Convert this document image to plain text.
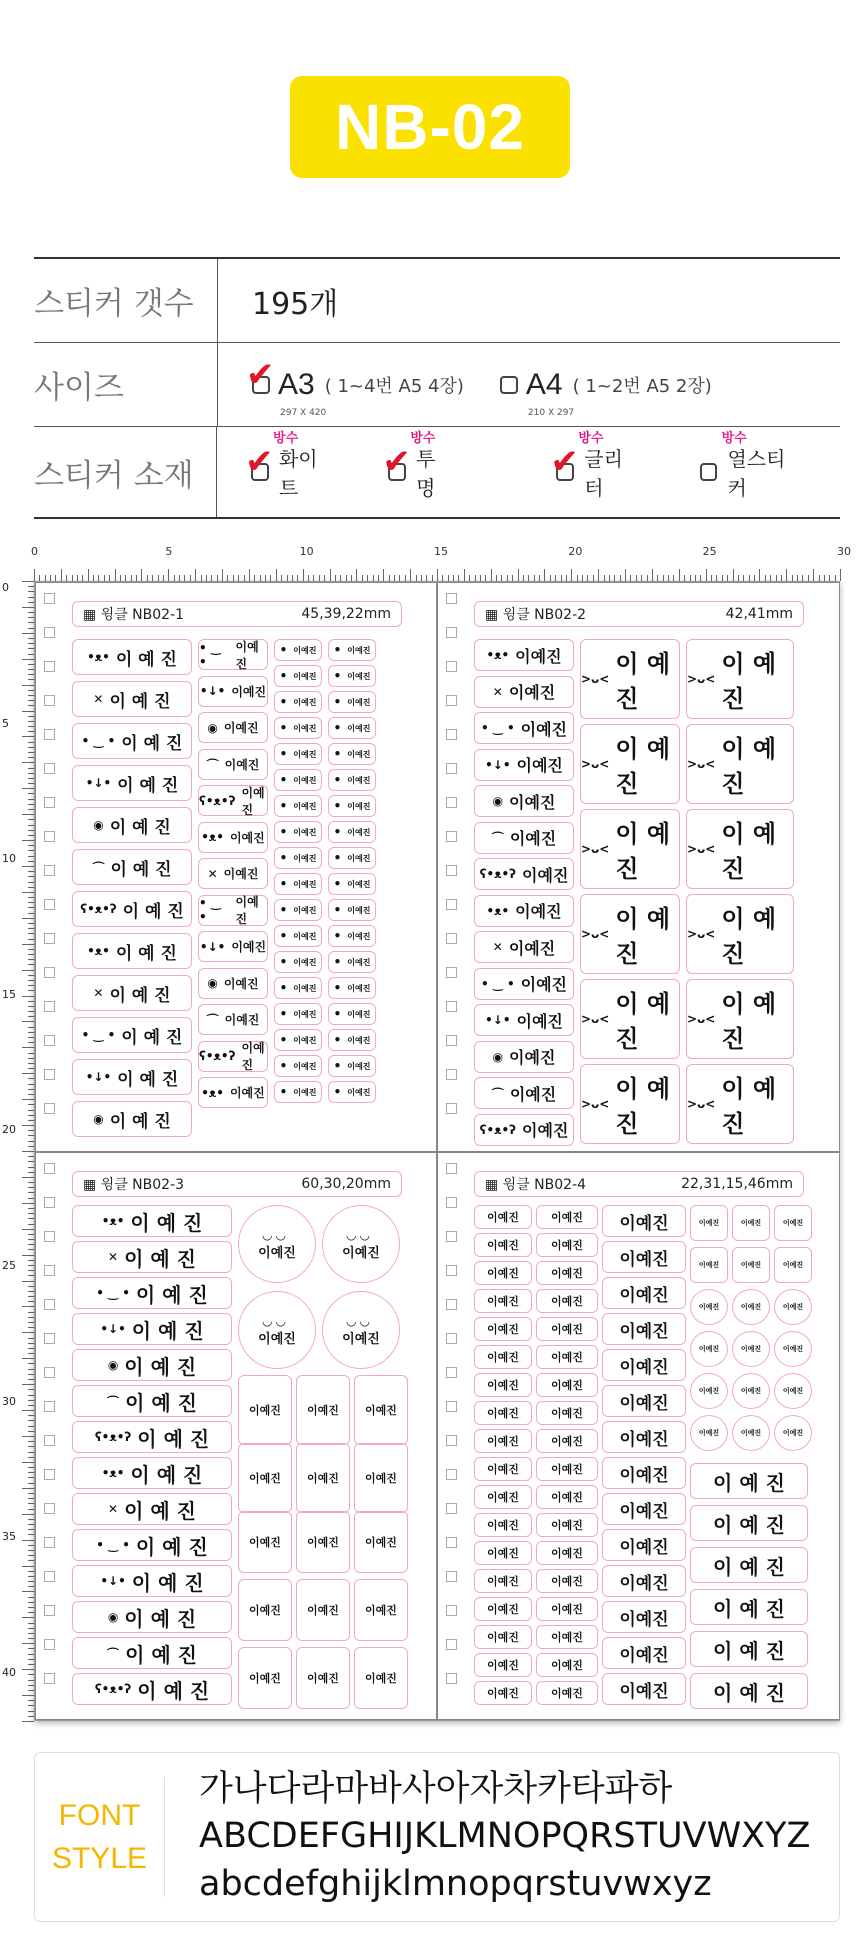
NB-02
스티커 갯수	195개
사이즈	✔ A3
297 X 420
( 1~4번 A5 4장) A4
210 X 297
( 1~2번 A5 2장)
스티커 소재
방수
✔ 화이트
방수
✔ 투명
방수
✔ 글리터
방수
열스티커
0	5	10	15	20	25	30
0
5
10
15
20
25
30
35
40
▦ 윙클 NB02-1	45,39,22mm
•ᴥ• 이 예 진
✕ 이 예 진
• ‿ • 이 예 진
•↓• 이 예 진
◉ 이 예 진
⌒ 이 예 진
ʕ•ᴥ•ʔ 이 예 진
•ᴥ• 이 예 진
✕ 이 예 진
• ‿ • 이 예 진
•↓• 이 예 진
◉ 이 예 진
• ‿ •
이예진
•↓• 이예진
◉ 이예진
⌒ 이예진
ʕ•ᴥ•ʔ
이예진
•ᴥ• 이예진
✕ 이예진
• ‿ •
이예진
•↓• 이예진
◉ 이예진
⌒ 이예진
ʕ•ᴥ•ʔ
이예진
•ᴥ• 이예진
• 이예진 • 이예진
• 이예진 • 이예진
• 이예진 • 이예진
• 이예진 • 이예진
• 이예진 • 이예진
• 이예진 • 이예진
• 이예진 • 이예진
• 이예진 • 이예진
• 이예진 • 이예진
• 이예진 • 이예진
• 이예진 • 이예진
• 이예진 • 이예진
• 이예진 • 이예진
• 이예진 • 이예진
• 이예진 • 이예진
• 이예진 • 이예진
• 이예진 • 이예진
• 이예진 • 이예진
▦ 윙클 NB02-2	42,41mm
•ᴥ• 이예진
✕ 이예진
• ‿ • 이예진
•↓• 이예진
◉ 이예진
⌒ 이예진
ʕ•ᴥ•ʔ 이예진
•ᴥ• 이예진
✕ 이예진
• ‿ • 이예진
•↓• 이예진
◉ 이예진
⌒ 이예진
ʕ•ᴥ•ʔ 이예진
>ᴗ<
이 예 진
>ᴗ<
이 예 진
>ᴗ<
이 예 진
>ᴗ<
이 예 진
>ᴗ<
이 예 진
>ᴗ<
이 예 진
>ᴗ<
이 예 진
>ᴗ<
이 예 진
>ᴗ<
이 예 진
>ᴗ<
이 예 진
>ᴗ<
이 예 진
>ᴗ<
이 예 진
▦ 윙클 NB02-3	60,30,20mm
•ᴥ• 이 예 진
✕ 이 예 진
• ‿ • 이 예 진
•↓• 이 예 진
◉ 이 예 진
⌒ 이 예 진
ʕ•ᴥ•ʔ 이 예 진
•ᴥ• 이 예 진
✕ 이 예 진
• ‿ • 이 예 진
•↓• 이 예 진
◉ 이 예 진
⌒ 이 예 진
ʕ•ᴥ•ʔ 이 예 진
◡ ◡
이예진
◡ ◡
이예진
◡ ◡
이예진
◡ ◡
이예진
이예진 이예진 이예진
이예진 이예진 이예진
이예진 이예진 이예진
이예진 이예진 이예진
이예진 이예진 이예진
▦ 윙클 NB02-4	22,31,15,46mm
이예진	이예진
이예진	이예진
이예진	이예진
이예진	이예진
이예진	이예진
이예진	이예진
이예진	이예진
이예진	이예진
이예진	이예진
이예진	이예진
이예진	이예진
이예진	이예진
이예진	이예진
이예진	이예진
이예진	이예진
이예진	이예진
이예진	이예진
이예진	이예진
이예진
이예진
이예진
이예진
이예진
이예진
이예진
이예진
이예진
이예진
이예진
이예진
이예진
이예진
이예진	이예진	이예진
이예진	이예진	이예진
이예진	이예진	이예진
이예진	이예진	이예진
이예진	이예진	이예진
이예진	이예진	이예진
이 예 진
이 예 진
이 예 진
이 예 진
이 예 진
이 예 진
FONT
STYLE
가나다라마바사아자차카타파하
ABCDEFGHIJKLMNOPQRSTUVWXYZ
abcdefghijklmnopqrstuvwxyz
